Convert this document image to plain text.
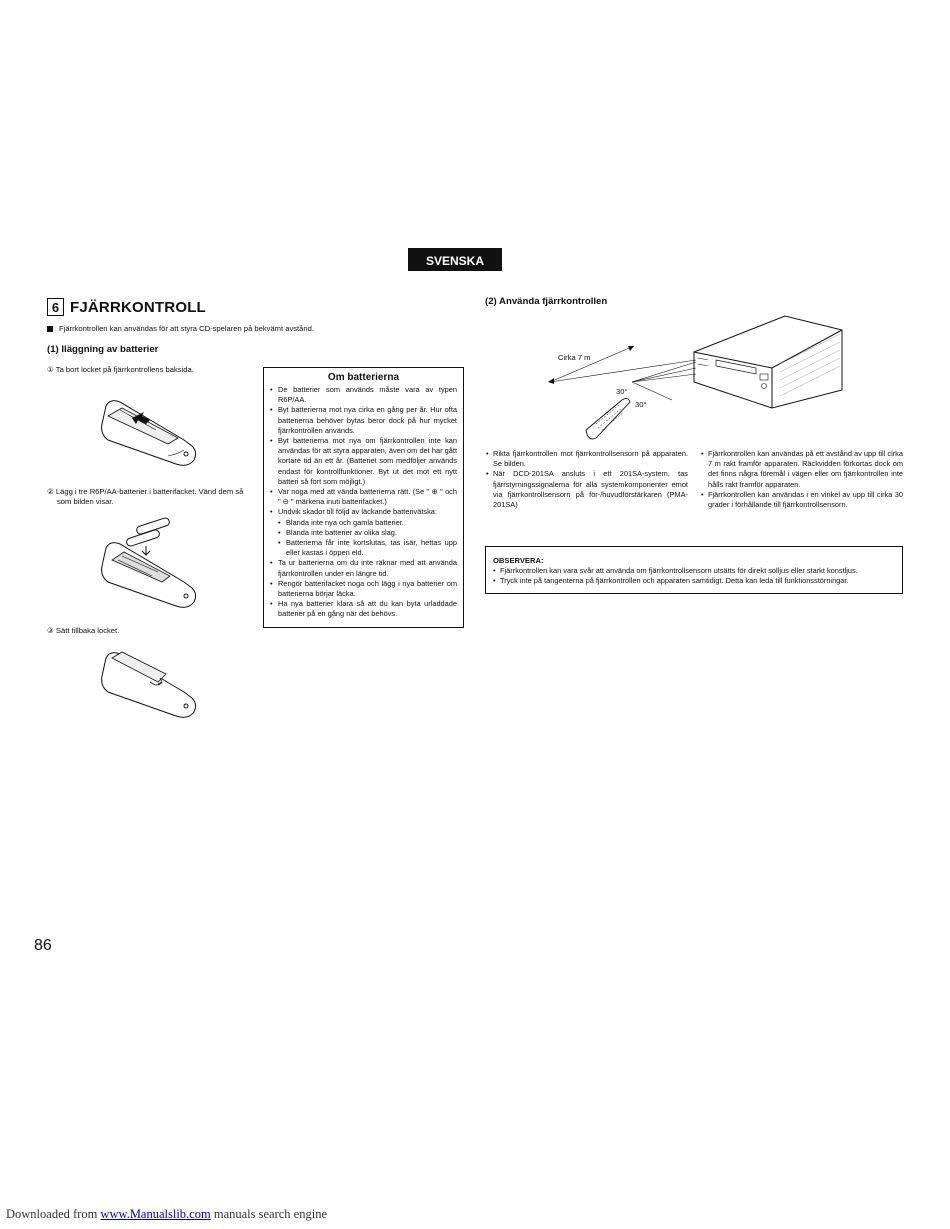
SVENSKA
6 FJÄRRKONTROLL
Fjärrkontrollen kan användas för att styra CD-spelaren på bekvämt avstånd.
(1) Iläggning av batterier
① Ta bort locket på fjärrkontrollens baksida.
② Lägg i tre R6P/AA-batterier i batterifacket. Vänd dem så
som bilden visar.
③ Sätt tillbaka locket.
Om batterierna
• De batterier som används måste vara av typen R6P/AA.
• Byt batterierna mot nya cirka en gång per år. Hur ofta batterierna behöver bytas beror dock på hur mycket fjärrkontrollen används.
• Byt batterierna mot nya om fjärrkontrollen inte kan användas för att styra apparaten, även om det har gått kortare tid än ett år. (Batteriet som medföljer används endast för kontrollfunktioner. Byt ut det mot ett nytt batteri så fort som möjligt.)
• Var noga med att vända batterierna rätt. (Se " ⊕ " och " ⊖ " märkena inuti batterifacket.)
• Undvik skador till följd av läckande batterivätska:
• Blanda inte nya och gamla batterier.
• Blanda inte batterier av olika slag.
• Batterierna får inte kortslutas, tas isär, hettas upp eller kastas i öppen eld.
• Ta ur batterierna om du inte räknar med att använda fjärrkontrollen under en längre tid.
• Rengör batterifacket noga och lägg i nya batterier om batterierna börjar läcka.
• Ha nya batterier klara så att du kan byta urladdade batterier på en gång när det behövs.
(2) Använda fjärrkontrollen
Cirka 7 m
30°
30°
• Rikta fjärrkontrollen mot fjärrkontrollsensorn på apparaten. Se bilden.
• När DCD-201SA ansluts i ett 201SA-system, tas fjärrstyrningssignalerna för alla systemkomponenter emot via fjärrkontrollsensorn på för-/huvudförstärkaren (PMA-201SA)
• Fjärrkontrollen kan användas på ett avstånd av upp till cirka 7 m rakt framför apparaten. Räckvidden förkortas dock om det finns några föremål i vägen eller om fjärrkontrollen inte hålls rakt framför apparaten.
• Fjärrkontrollen kan användas i en vinkel av upp till cirka 30 grader i förhållande till fjärrkontrollsensorn.
OBSERVERA:
• Fjärrkontrollen kan vara svår att använda om fjärrkontrollsensorn utsätts för direkt solljus eller starkt konstljus.
• Tryck inte på tangenterna på fjärrkontrollen och apparaten samtidigt. Detta kan leda till funktionsstörningar.
86
Downloaded from www.Manualslib.com manuals search engine
